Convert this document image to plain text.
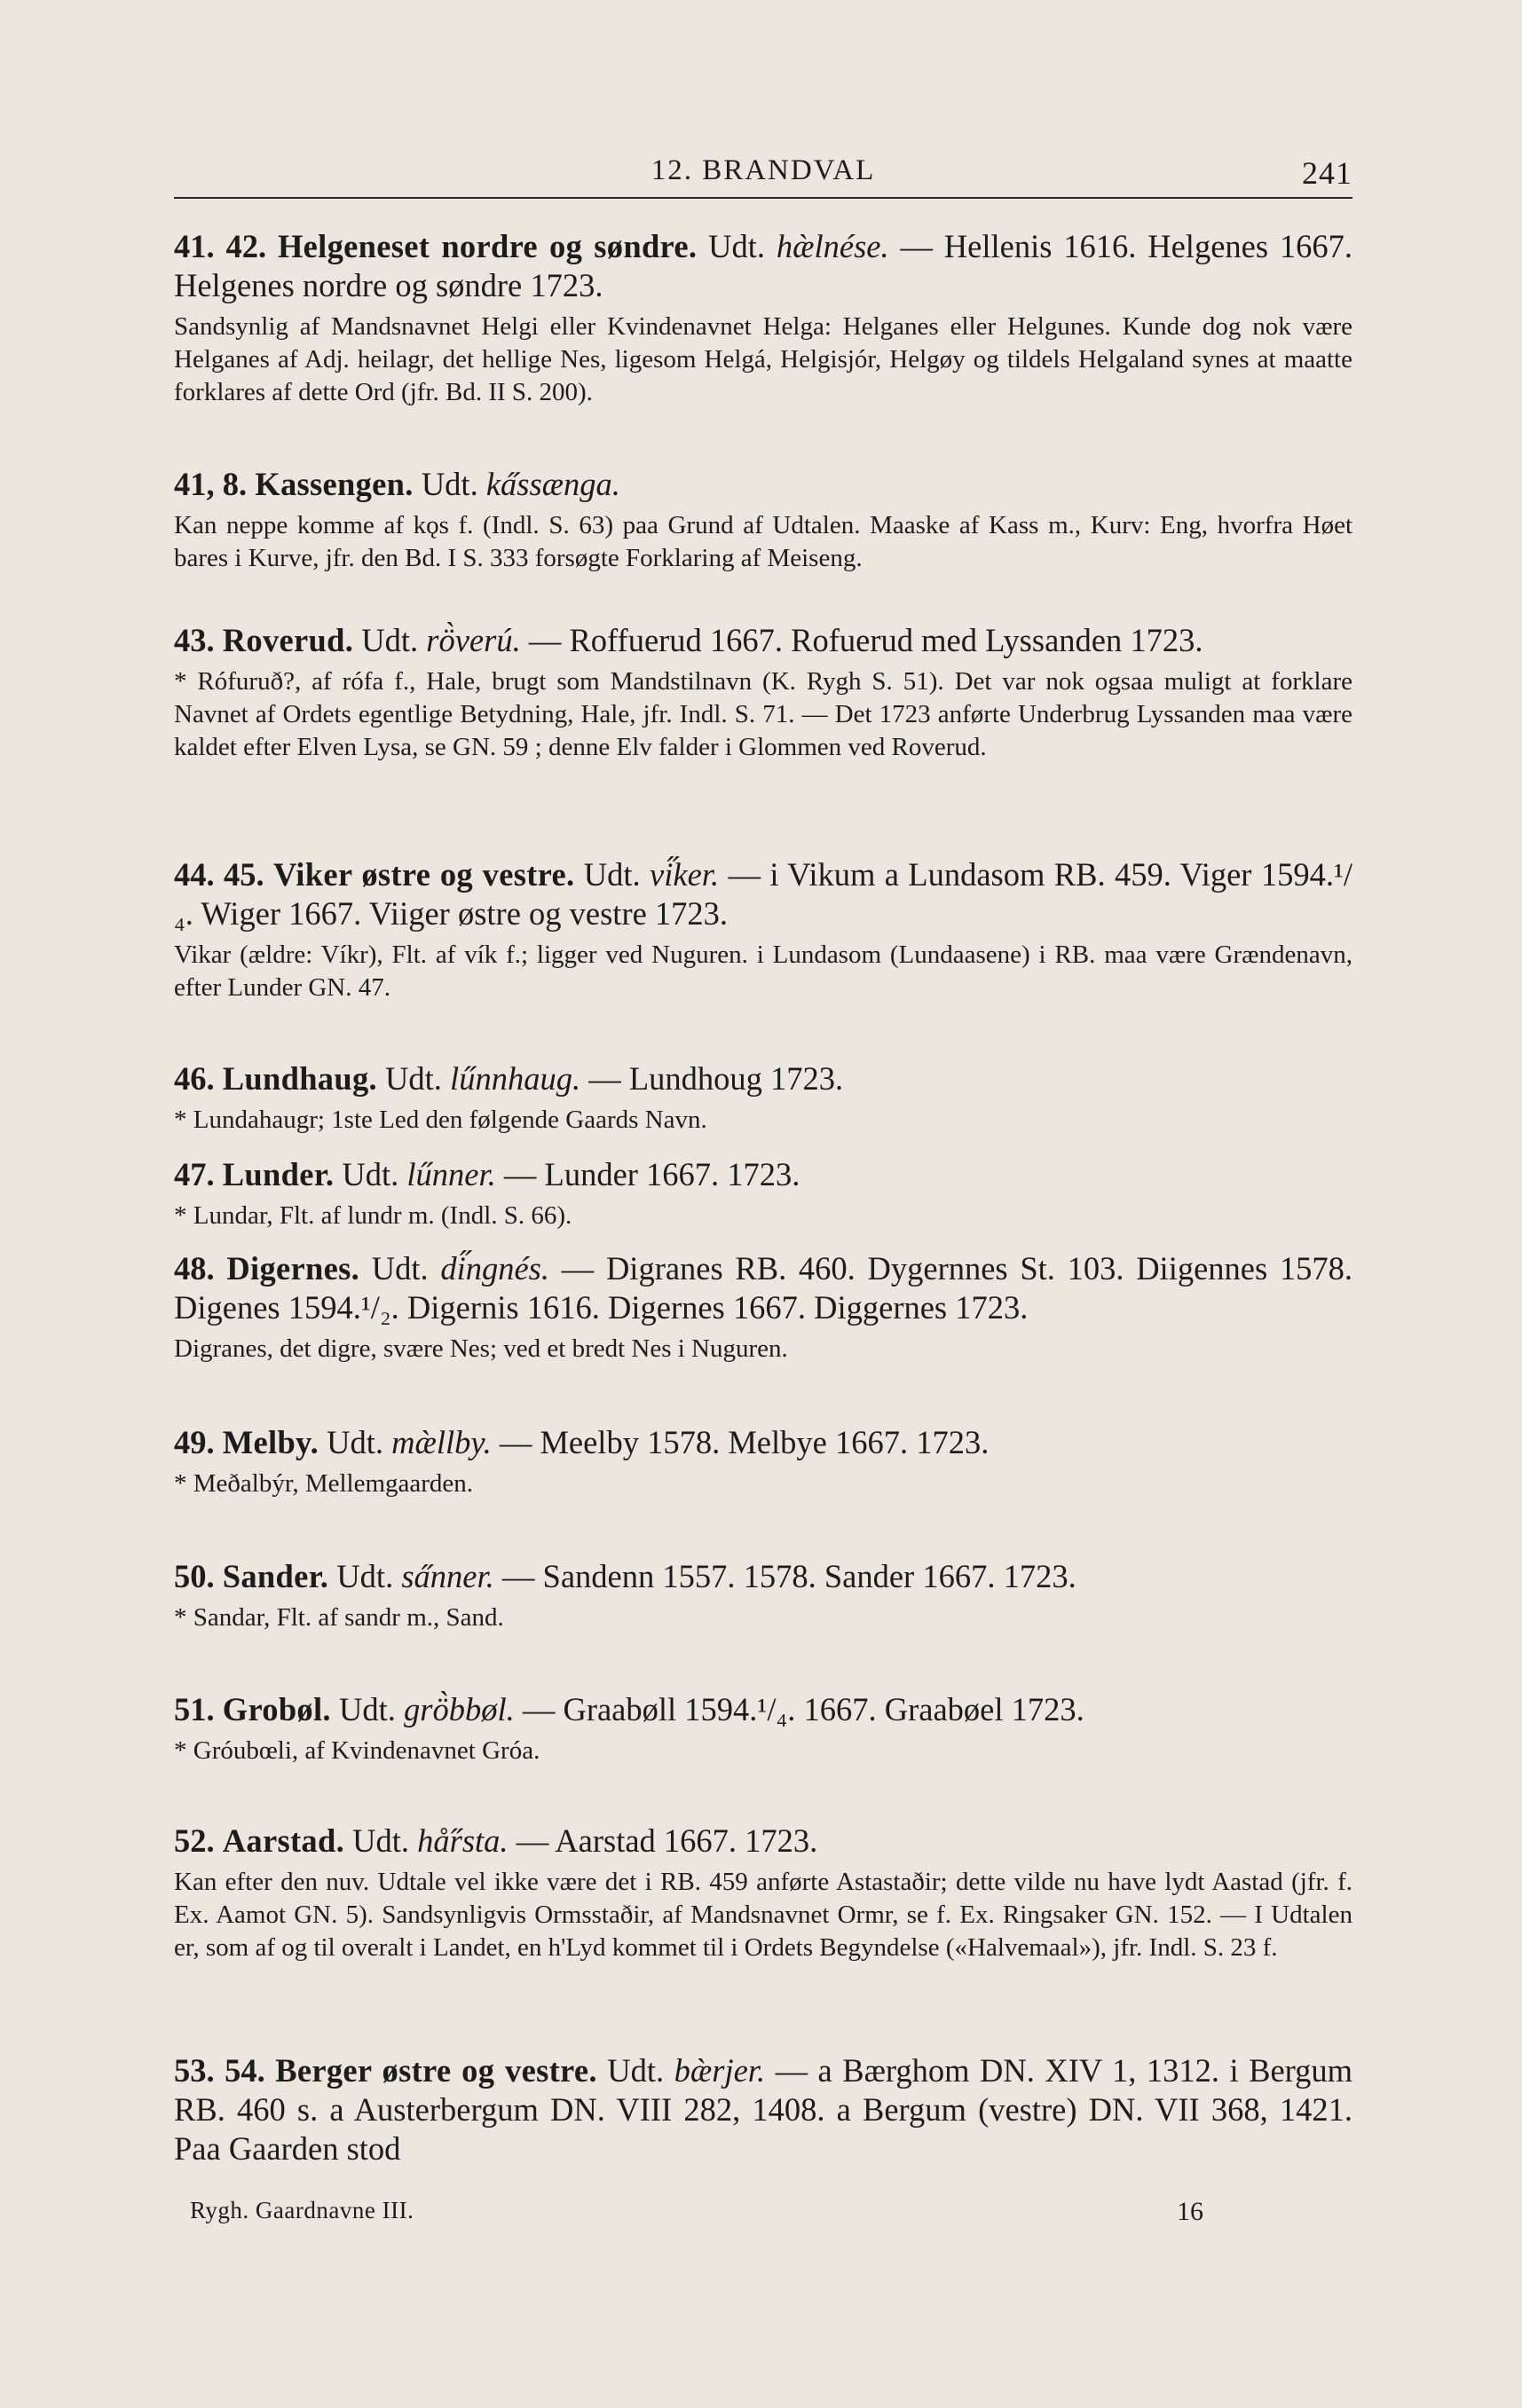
12. BRANDVAL	241

41. 42. Helgeneset nordre og søndre. Udt. hæ̀lnése. — Hellenis 1616. Helgenes 1667. Helgenes nordre og søndre 1723.

Sandsynlig af Mandsnavnet Helgi eller Kvindenavnet Helga: Helganes eller Helgunes. Kunde dog nok være Helganes af Adj. heilagr, det hellige Nes, ligesom Helgá, Helgisjór, Helgøy og tildels Helgaland synes at maatte forklares af dette Ord (jfr. Bd. II S. 200).

41, 8. Kassengen. Udt. ka̋ssænga.

Kan neppe komme af kǫs f. (Indl. S. 63) paa Grund af Udtalen. Maaske af Kass m., Kurv: Eng, hvorfra Høet bares i Kurve, jfr. den Bd. I S. 333 forsøgte Forklaring af Meiseng.

43. Roverud. Udt. rö̀verú. — Roffuerud 1667. Rofuerud med Lyssanden 1723.

* Rófuruð?, af rófa f., Hale, brugt som Mandstilnavn (K. Rygh S. 51). Det var nok ogsaa muligt at forklare Navnet af Ordets egentlige Betydning, Hale, jfr. Indl. S. 71. — Det 1723 anførte Underbrug Lyssanden maa være kaldet efter Elven Lysa, se GN. 59 ; denne Elv falder i Glommen ved Roverud.

44. 45. Viker østre og vestre. Udt. vi̋ker. — i Vikum a Lundasom RB. 459. Viger 1594.¹/₄. Wiger 1667. Viiger østre og vestre 1723.

Vikar (ældre: Víkr), Flt. af vík f.; ligger ved Nuguren. i Lundasom (Lundaasene) i RB. maa være Grændenavn, efter Lunder GN. 47.

46. Lundhaug. Udt. lűnnhaug. — Lundhoug 1723.

* Lundahaugr; 1ste Led den følgende Gaards Navn.

47. Lunder. Udt. lűnner. — Lunder 1667. 1723.

* Lundar, Flt. af lundr m. (Indl. S. 66).

48. Digernes. Udt. di̋ngnés. — Digranes RB. 460. Dygernnes St. 103. Diigennes 1578. Digenes 1594.¹/₂. Digernis 1616. Digernes 1667. Diggernes 1723.

Digranes, det digre, svære Nes; ved et bredt Nes i Nuguren.

49. Melby. Udt. mæ̀llby. — Meelby 1578. Melbye 1667. 1723.

* Meðalbýr, Mellemgaarden.

50. Sander. Udt. sa̋nner. — Sandenn 1557. 1578. Sander 1667. 1723.

* Sandar, Flt. af sandr m., Sand.

51. Grobøl. Udt. grö̀bbøl. — Graabøll 1594.¹/₄. 1667. Graabøel 1723.

* Gróubœli, af Kvindenavnet Gróa.

52. Aarstad. Udt. hå̋rsta. — Aarstad 1667. 1723.

Kan efter den nuv. Udtale vel ikke være det i RB. 459 anførte Astastaðir; dette vilde nu have lydt Aastad (jfr. f. Ex. Aamot GN. 5). Sandsynligvis Ormsstaðir, af Mandsnavnet Ormr, se f. Ex. Ringsaker GN. 152. — I Udtalen er, som af og til overalt i Landet, en h'Lyd kommet til i Ordets Begyndelse («Halvemaal»), jfr. Indl. S. 23 f.

53. 54. Berger østre og vestre. Udt. bæ̀rjer. — a Bærghom DN. XIV 1, 1312. i Bergum RB. 460 s. a Austerbergum DN. VIII 282, 1408. a Bergum (vestre) DN. VII 368, 1421. Paa Gaarden stod

Rygh. Gaardnavne III.	16
